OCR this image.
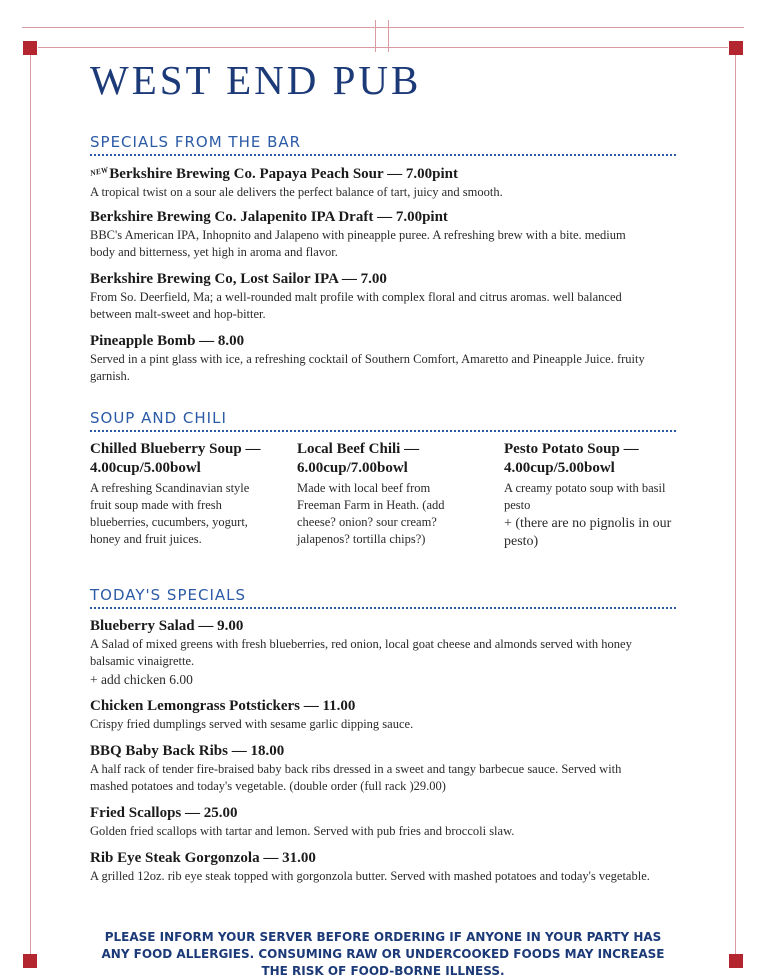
WEST END PUB
SPECIALS FROM THE BAR
NEWBerkshire Brewing Co. Papaya Peach Sour — 7.00pint
A tropical twist on a sour ale delivers the perfect balance of tart, juicy and smooth.
Berkshire Brewing Co. Jalapenito IPA Draft — 7.00pint
BBC's American IPA, Inhopnito and Jalapeno with pineapple puree. A refreshing brew with a bite. medium body and bitterness, yet high in aroma and flavor.
Berkshire Brewing Co, Lost Sailor IPA — 7.00
From So. Deerfield, Ma; a well-rounded malt profile with complex floral and citrus aromas. well balanced between malt-sweet and hop-bitter.
Pineapple Bomb — 8.00
Served in a pint glass with ice, a refreshing cocktail of Southern Comfort, Amaretto and Pineapple Juice. fruity garnish.
SOUP AND CHILI
Chilled Blueberry Soup — 4.00cup/5.00bowl
A refreshing Scandinavian style fruit soup made with fresh blueberries, cucumbers, yogurt, honey and fruit juices.
Local Beef Chili — 6.00cup/7.00bowl
Made with local beef from Freeman Farm in Heath. (add cheese? onion? sour cream? jalapenos? tortilla chips?)
Pesto Potato Soup — 4.00cup/5.00bowl
A creamy potato soup with basil pesto
+ (there are no pignolis in our pesto)
TODAY'S SPECIALS
Blueberry Salad — 9.00
A Salad of mixed greens with fresh blueberries, red onion, local goat cheese and almonds served with honey balsamic vinaigrette.
+ add chicken 6.00
Chicken Lemongrass Potstickers — 11.00
Crispy fried dumplings served with sesame garlic dipping sauce.
BBQ Baby Back Ribs — 18.00
A half rack of tender fire-braised baby back ribs dressed in a sweet and tangy barbecue sauce. Served with mashed potatoes and today's vegetable. (double order (full rack )29.00)
Fried Scallops — 25.00
Golden fried scallops with tartar and lemon. Served with pub fries and broccoli slaw.
Rib Eye Steak Gorgonzola — 31.00
A grilled 12oz. rib eye steak topped with gorgonzola butter. Served with mashed potatoes and today's vegetable.
PLEASE INFORM YOUR SERVER BEFORE ORDERING IF ANYONE IN YOUR PARTY HAS ANY FOOD ALLERGIES. CONSUMING RAW OR UNDERCOOKED FOODS MAY INCREASE THE RISK OF FOOD-BORNE ILLNESS.
